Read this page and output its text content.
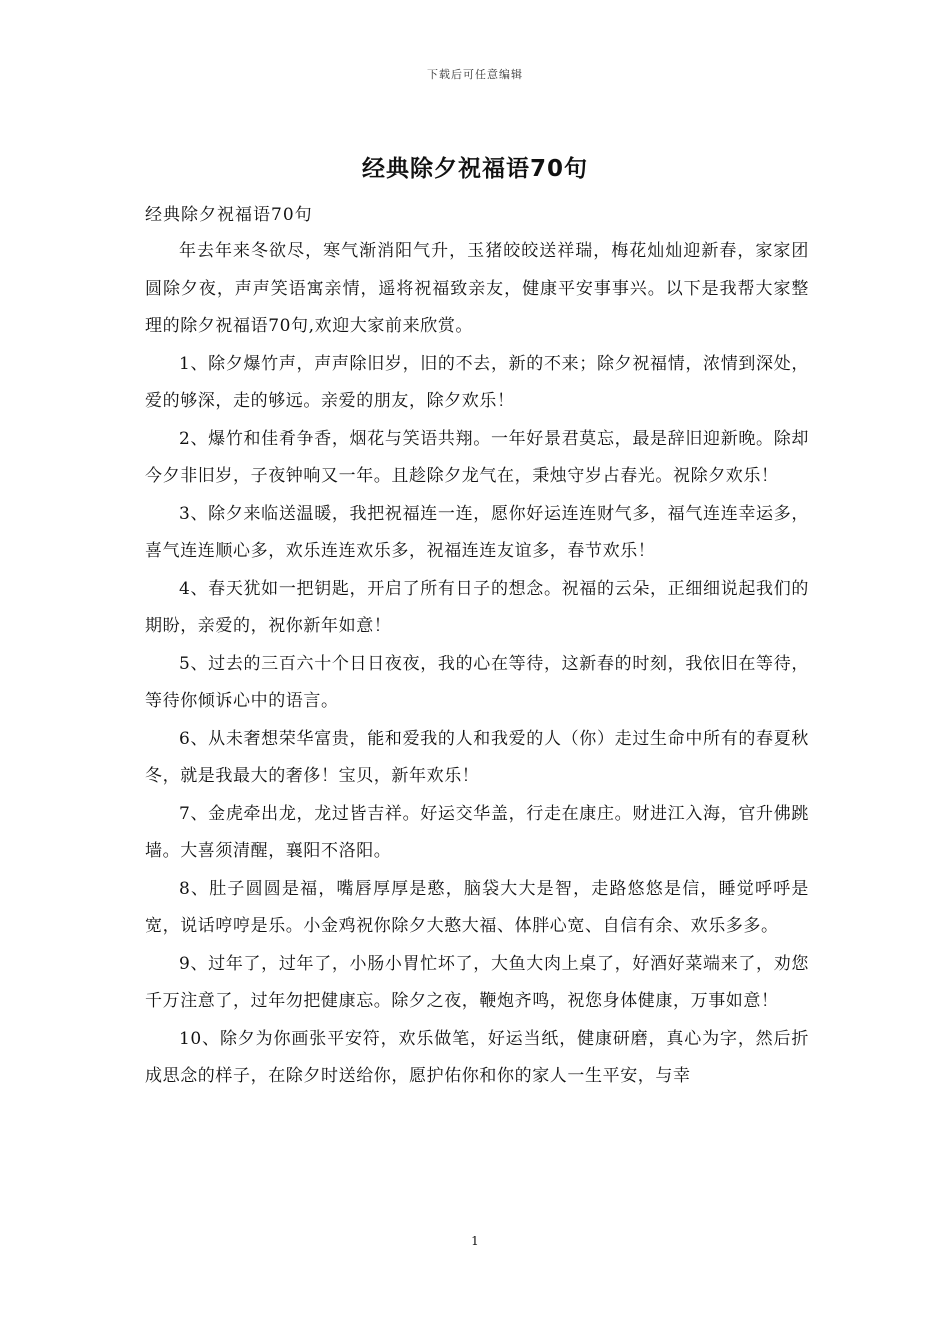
下载后可任意编辑
经典除夕祝福语70句
经典除夕祝福语70句

年去年来冬欲尽，寒气渐消阳气升，玉猪皎皎送祥瑞，梅花灿灿迎新春，家家团圆除夕夜，声声笑语寓亲情，遥将祝福致亲友，健康平安事事兴。以下是我帮大家整理的除夕祝福语70句,欢迎大家前来欣赏。

1、除夕爆竹声，声声除旧岁，旧的不去，新的不来；除夕祝福情，浓情到深处，爱的够深，走的够远。亲爱的朋友，除夕欢乐！

2、爆竹和佳肴争香，烟花与笑语共翔。一年好景君莫忘，最是辞旧迎新晚。除却今夕非旧岁，子夜钟响又一年。且趁除夕龙气在，秉烛守岁占春光。祝除夕欢乐！

3、除夕来临送温暖，我把祝福连一连，愿你好运连连财气多，福气连连幸运多，喜气连连顺心多，欢乐连连欢乐多，祝福连连友谊多，春节欢乐！

4、春天犹如一把钥匙，开启了所有日子的想念。祝福的云朵，正细细说起我们的期盼，亲爱的，祝你新年如意！

5、过去的三百六十个日日夜夜，我的心在等待，这新春的时刻，我依旧在等待，等待你倾诉心中的语言。

6、从未奢想荣华富贵，能和爱我的人和我爱的人（你）走过生命中所有的春夏秋冬，就是我最大的奢侈！宝贝，新年欢乐！

7、金虎牵出龙，龙过皆吉祥。好运交华盖，行走在康庄。财进江入海，官升佛跳墙。大喜须清醒，襄阳不洛阳。

8、肚子圆圆是福，嘴唇厚厚是憨，脑袋大大是智，走路悠悠是信，睡觉呼呼是宽，说话哼哼是乐。小金鸡祝你除夕大憨大福、体胖心宽、自信有余、欢乐多多。

9、过年了，过年了，小肠小胃忙坏了，大鱼大肉上桌了，好酒好菜端来了，劝您千万注意了，过年勿把健康忘。除夕之夜，鞭炮齐鸣，祝您身体健康，万事如意！

10、除夕为你画张平安符，欢乐做笔，好运当纸，健康研磨，真心为字，然后折成思念的样子，在除夕时送给你，愿护佑你和你的家人一生平安，与幸

1
